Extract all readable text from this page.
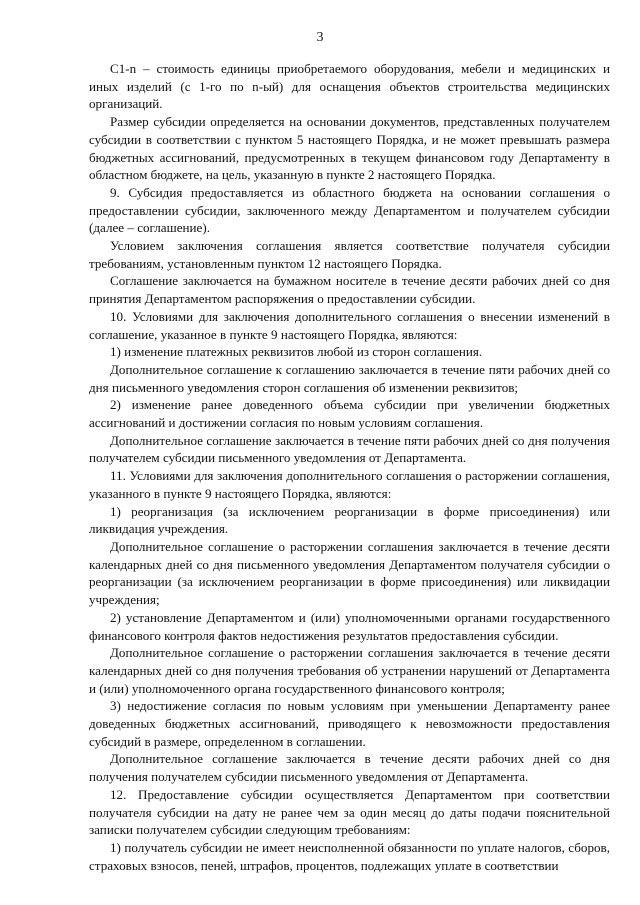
3

C1-n – стоимость единицы приобретаемого оборудования, мебели и медицинских и иных изделий (с 1-го по n-ый) для оснащения объектов строительства медицинских организаций.

Размер субсидии определяется на основании документов, представленных получателем субсидии в соответствии с пунктом 5 настоящего Порядка, и не может превышать размера бюджетных ассигнований, предусмотренных в текущем финансовом году Департаменту в областном бюджете, на цель, указанную в пункте 2 настоящего Порядка.

9. Субсидия предоставляется из областного бюджета на основании соглашения о предоставлении субсидии, заключенного между Департаментом и получателем субсидии (далее – соглашение).

Условием заключения соглашения является соответствие получателя субсидии требованиям, установленным пунктом 12 настоящего Порядка.

Соглашение заключается на бумажном носителе в течение десяти рабочих дней со дня принятия Департаментом распоряжения о предоставлении субсидии.

10. Условиями для заключения дополнительного соглашения о внесении изменений в соглашение, указанное в пункте 9 настоящего Порядка, являются:

1) изменение платежных реквизитов любой из сторон соглашения.

Дополнительное соглашение к соглашению заключается в течение пяти рабочих дней со дня письменного уведомления сторон соглашения об изменении реквизитов;

2) изменение ранее доведенного объема субсидии при увеличении бюджетных ассигнований и достижении согласия по новым условиям соглашения.

Дополнительное соглашение заключается в течение пяти рабочих дней со дня получения получателем субсидии письменного уведомления от Департамента.

11. Условиями для заключения дополнительного соглашения о расторжении соглашения, указанного в пункте 9 настоящего Порядка, являются:

1) реорганизация (за исключением реорганизации в форме присоединения) или ликвидация учреждения.

Дополнительное соглашение о расторжении соглашения заключается в течение десяти календарных дней со дня письменного уведомления Департаментом получателя субсидии о реорганизации (за исключением реорганизации в форме присоединения) или ликвидации учреждения;

2) установление Департаментом и (или) уполномоченными органами государственного финансового контроля фактов недостижения результатов предоставления субсидии.

Дополнительное соглашение о расторжении соглашения заключается в течение десяти календарных дней со дня получения требования об устранении нарушений от Департамента и (или) уполномоченного органа государственного финансового контроля;

3) недостижение согласия по новым условиям при уменьшении Департаменту ранее доведенных бюджетных ассигнований, приводящего к невозможности предоставления субсидий в размере, определенном в соглашении.

Дополнительное соглашение заключается в течение десяти рабочих дней со дня получения получателем субсидии письменного уведомления от Департамента.

12. Предоставление субсидии осуществляется Департаментом при соответствии получателя субсидии на дату не ранее чем за один месяц до даты подачи пояснительной записки получателем субсидии следующим требованиям:

1) получатель субсидии не имеет неисполненной обязанности по уплате налогов, сборов, страховых взносов, пеней, штрафов, процентов, подлежащих уплате в соответствии
